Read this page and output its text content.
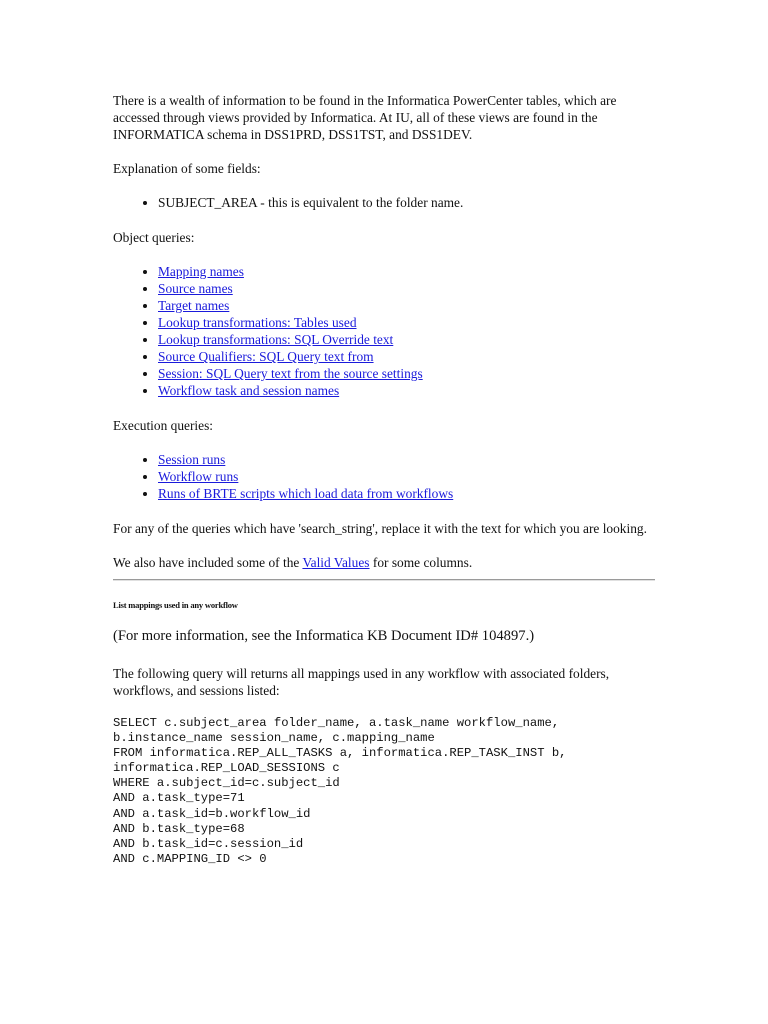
There is a wealth of information to be found in the Informatica PowerCenter tables, which are accessed through views provided by Informatica. At IU, all of these views are found in the INFORMATICA schema in DSS1PRD, DSS1TST, and DSS1DEV.

Explanation of some fields:

• SUBJECT_AREA - this is equivalent to the folder name.

Object queries:

• Mapping names
• Source names
• Target names
• Lookup transformations: Tables used
• Lookup transformations: SQL Override text
• Source Qualifiers: SQL Query text from
• Session: SQL Query text from the source settings
• Workflow task and session names

Execution queries:

• Session runs
• Workflow runs
• Runs of BRTE scripts which load data from workflows

For any of the queries which have 'search_string', replace it with the text for which you are looking.

We also have included some of the Valid Values for some columns.

List mappings used in any workflow

(For more information, see the Informatica KB Document ID# 104897.)

The following query will returns all mappings used in any workflow with associated folders, workflows, and sessions listed:

SELECT c.subject_area folder_name, a.task_name workflow_name,
b.instance_name session_name, c.mapping_name
FROM informatica.REP_ALL_TASKS a, informatica.REP_TASK_INST b,
informatica.REP_LOAD_SESSIONS c
WHERE a.subject_id=c.subject_id
AND a.task_type=71
AND a.task_id=b.workflow_id
AND b.task_type=68
AND b.task_id=c.session_id
AND c.MAPPING_ID <> 0
